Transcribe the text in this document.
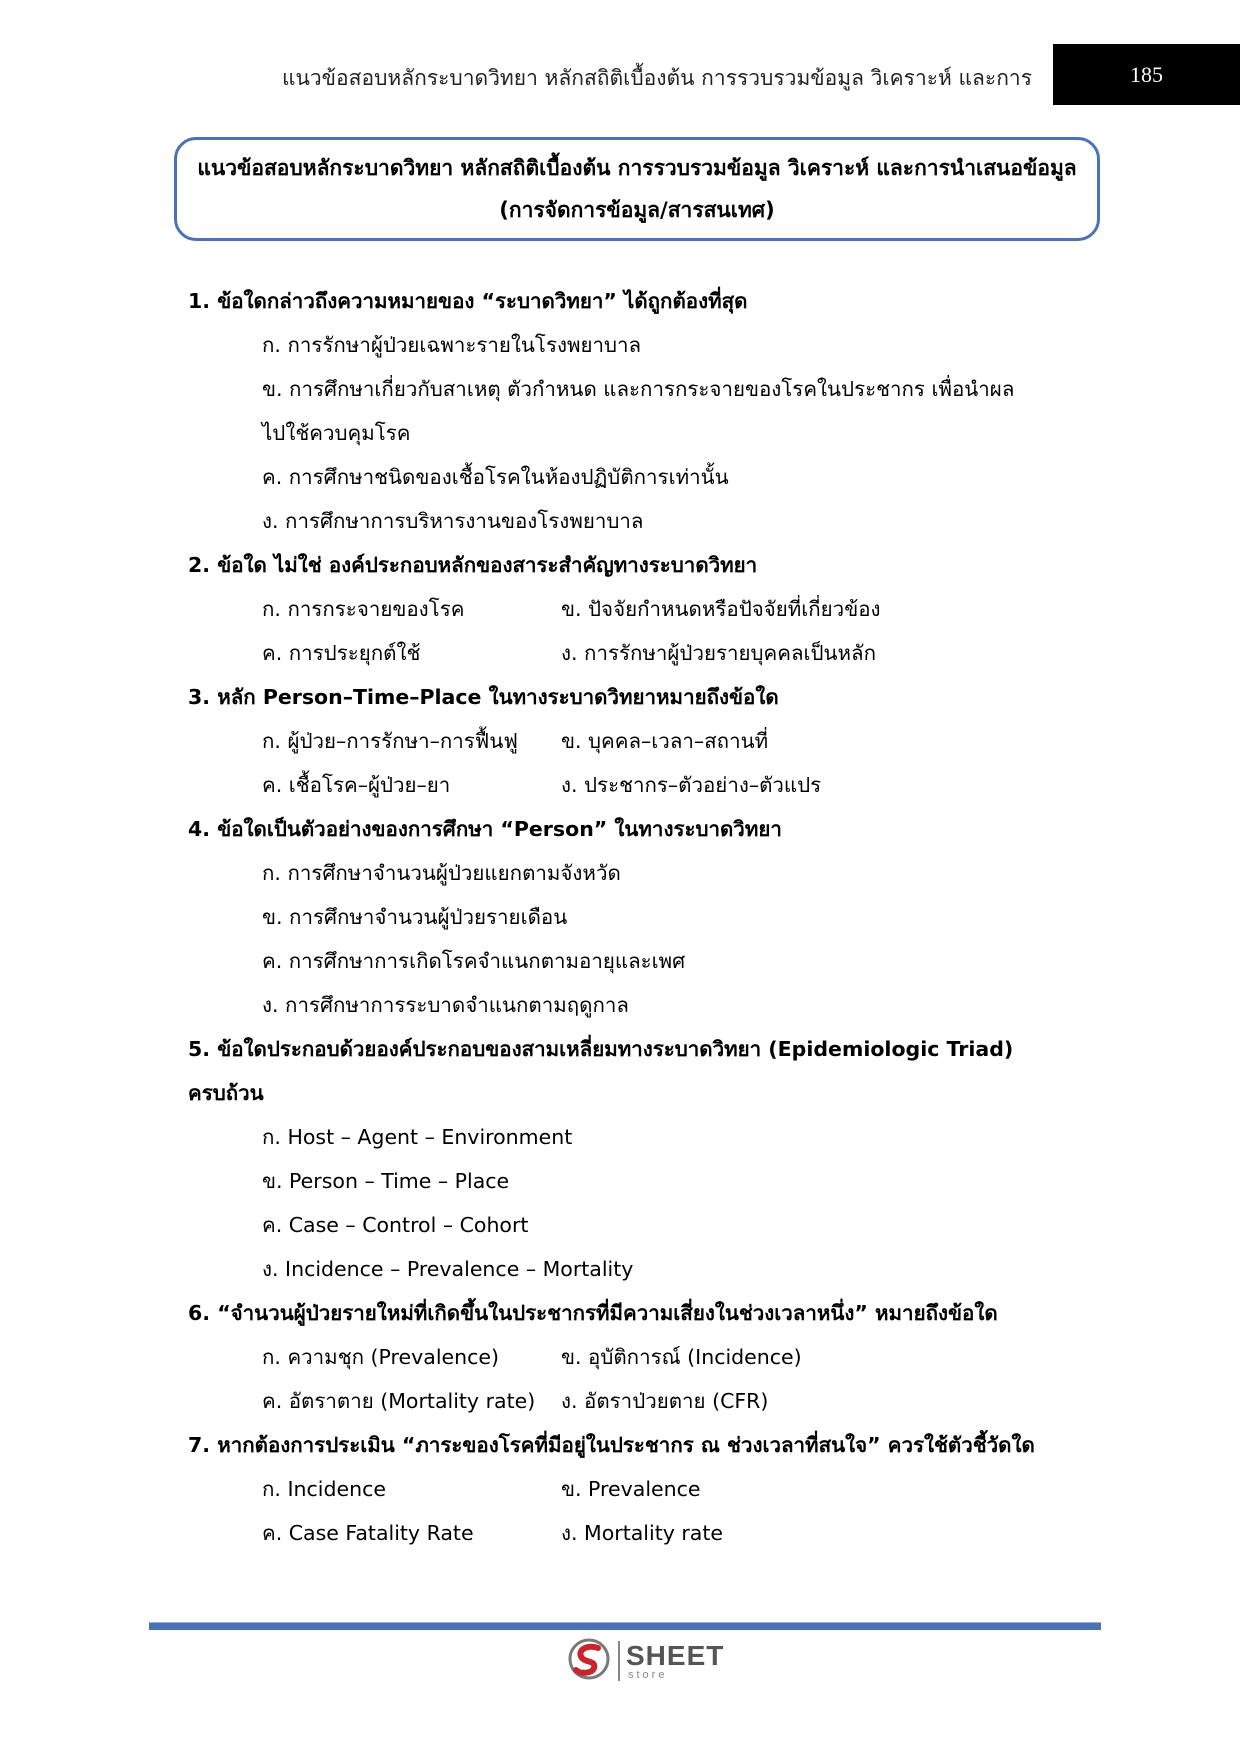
แนวข้อสอบหลักระบาดวิทยา หลักสถิติเบื้องต้น การรวบรวมข้อมูล วิเคราะห์ และการ	185
แนวข้อสอบหลักระบาดวิทยา หลักสถิติเบื้องต้น การรวบรวมข้อมูล วิเคราะห์ และการนำเสนอข้อมูล
(การจัดการข้อมูล/สารสนเทศ)
1. ข้อใดกล่าวถึงความหมายของ “ระบาดวิทยา” ได้ถูกต้องที่สุด
ก. การรักษาผู้ป่วยเฉพาะรายในโรงพยาบาล
ข. การศึกษาเกี่ยวกับสาเหตุ ตัวกำหนด และการกระจายของโรคในประชากร เพื่อนำผลไปใช้ควบคุมโรค
ค. การศึกษาชนิดของเชื้อโรคในห้องปฏิบัติการเท่านั้น
ง. การศึกษาการบริหารงานของโรงพยาบาล
2. ข้อใด ไม่ใช่ องค์ประกอบหลักของสาระสำคัญทางระบาดวิทยา
ก. การกระจายของโรค	ข. ปัจจัยกำหนดหรือปัจจัยที่เกี่ยวข้อง
ค. การประยุกต์ใช้	ง. การรักษาผู้ป่วยรายบุคคลเป็นหลัก
3. หลัก Person–Time–Place ในทางระบาดวิทยาหมายถึงข้อใด
ก. ผู้ป่วย–การรักษา–การฟื้นฟู	ข. บุคคล–เวลา–สถานที่
ค. เชื้อโรค–ผู้ป่วย–ยา	ง. ประชากร–ตัวอย่าง–ตัวแปร
4. ข้อใดเป็นตัวอย่างของการศึกษา “Person” ในทางระบาดวิทยา
ก. การศึกษาจำนวนผู้ป่วยแยกตามจังหวัด
ข. การศึกษาจำนวนผู้ป่วยรายเดือน
ค. การศึกษาการเกิดโรคจำแนกตามอายุและเพศ
ง. การศึกษาการระบาดจำแนกตามฤดูกาล
5. ข้อใดประกอบด้วยองค์ประกอบของสามเหลี่ยมทางระบาดวิทยา (Epidemiologic Triad) ครบถ้วน
ก. Host – Agent – Environment
ข. Person – Time – Place
ค. Case – Control – Cohort
ง. Incidence – Prevalence – Mortality
6. “จำนวนผู้ป่วยรายใหม่ที่เกิดขึ้นในประชากรที่มีความเสี่ยงในช่วงเวลาหนึ่ง” หมายถึงข้อใด
ก. ความชุก (Prevalence)	ข. อุบัติการณ์ (Incidence)
ค. อัตราตาย (Mortality rate)	ง. อัตราป่วยตาย (CFR)
7. หากต้องการประเมิน “ภาระของโรคที่มีอยู่ในประชากร ณ ช่วงเวลาที่สนใจ” ควรใช้ตัวชี้วัดใด
ก. Incidence	ข. Prevalence
ค. Case Fatality Rate	ง. Mortality rate
SHEET
store
